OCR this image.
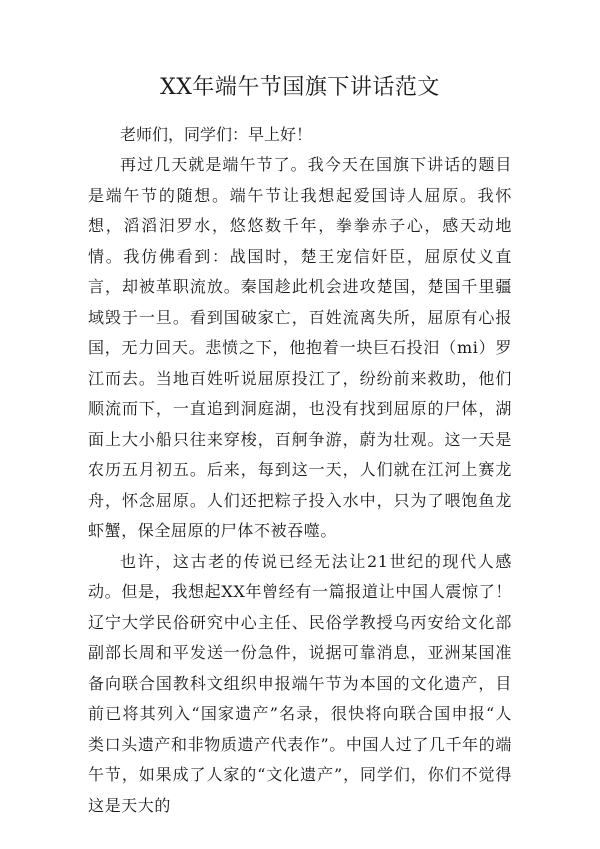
XX年端午节国旗下讲话范文

老师们，同学们：早上好！

再过几天就是端午节了。我今天在国旗下讲话的题目是端午节的随想。端午节让我想起爱国诗人屈原。我怀想，滔滔汨罗水，悠悠数千年，拳拳赤子心，感天动地情。我仿佛看到：战国时，楚王宠信奸臣，屈原仗义直言，却被革职流放。秦国趁此机会进攻楚国，楚国千里疆域毁于一旦。看到国破家亡，百姓流离失所，屈原有心报国，无力回天。悲愤之下，他抱着一块巨石投汨（mi）罗江而去。当地百姓听说屈原投江了，纷纷前来救助，他们顺流而下，一直追到洞庭湖，也没有找到屈原的尸体，湖面上大小船只往来穿梭，百舸争游，蔚为壮观。这一天是农历五月初五。后来，每到这一天，人们就在江河上赛龙舟，怀念屈原。人们还把粽子投入水中，只为了喂饱鱼龙虾蟹，保全屈原的尸体不被吞噬。

也许，这古老的传说已经无法让21世纪的现代人感动。但是，我想起XX年曾经有一篇报道让中国人震惊了！辽宁大学民俗研究中心主任、民俗学教授乌丙安给文化部副部长周和平发送一份急件，说据可靠消息，亚洲某国准备向联合国教科文组织申报端午节为本国的文化遗产，目前已将其列入“国家遗产”名录，很快将向联合国申报“人类口头遗产和非物质遗产代表作”。中国人过了几千年的端午节，如果成了人家的“文化遗产”，同学们，你们不觉得这是天大的
